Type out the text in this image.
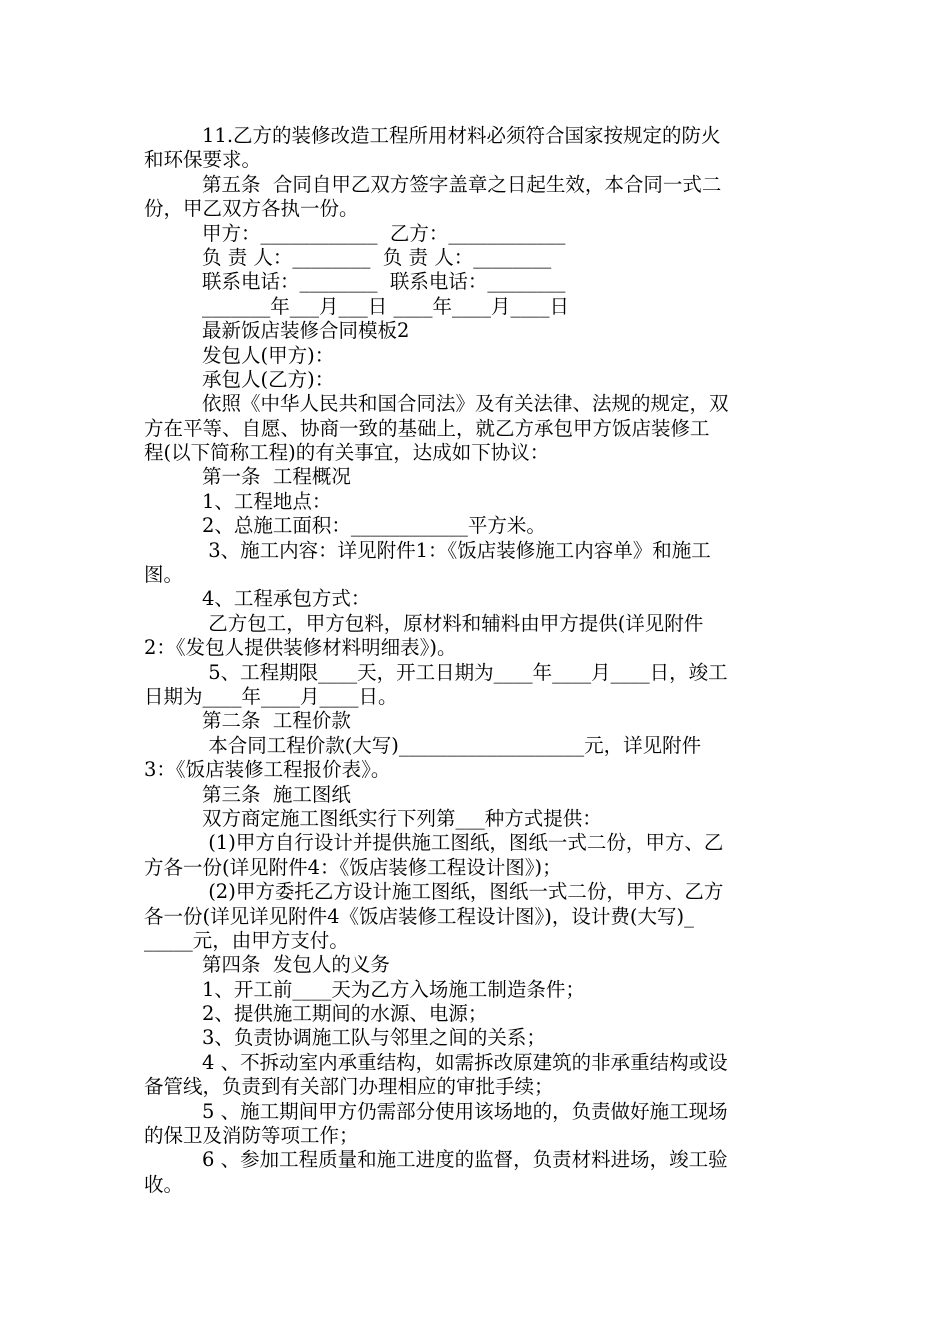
11.乙方的装修改造工程所用材料必须符合国家按规定的防火
和环保要求。
第五条  合同自甲乙双方签字盖章之日起生效，本合同一式二
份，甲乙双方各执一份。
甲方：____________  乙方：____________
负 责 人：________  负 责 人：________
联系电话：________  联系电话：________
_______年___月___日 ____年____月____日
最新饭店装修合同模板2
发包人(甲方)：
承包人(乙方)：
依照《中华人民共和国合同法》及有关法律、法规的规定，双
方在平等、自愿、协商一致的基础上，就乙方承包甲方饭店装修工
程(以下简称工程)的有关事宜，达成如下协议：
第一条  工程概况
1、工程地点：
2、总施工面积：____________平方米。
3、施工内容：详见附件1：《饭店装修施工内容单》和施工
图。
4、工程承包方式：
乙方包工，甲方包料，原材料和辅料由甲方提供(详见附件
2：《发包人提供装修材料明细表》)。
5、工程期限____天，开工日期为____年____月____日，竣工
日期为____年____月____日。
第二条  工程价款
本合同工程价款(大写)___________________元，详见附件
3：《饭店装修工程报价表》。
第三条  施工图纸
双方商定施工图纸实行下列第___种方式提供：
(1)甲方自行设计并提供施工图纸，图纸一式二份，甲方、乙
方各一份(详见附件4：《饭店装修工程设计图》)；
(2)甲方委托乙方设计施工图纸，图纸一式二份，甲方、乙方
各一份(详见详见附件4《饭店装修工程设计图》)，设计费(大写)_
_____元，由甲方支付。
第四条  发包人的义务
1、开工前____天为乙方入场施工制造条件；
2、提供施工期间的水源、电源；
3、负责协调施工队与邻里之间的关系；
4 、不拆动室内承重结构，如需拆改原建筑的非承重结构或设
备管线，负责到有关部门办理相应的审批手续；
5 、施工期间甲方仍需部分使用该场地的，负责做好施工现场
的保卫及消防等项工作；
6 、参加工程质量和施工进度的监督，负责材料进场，竣工验
收。
